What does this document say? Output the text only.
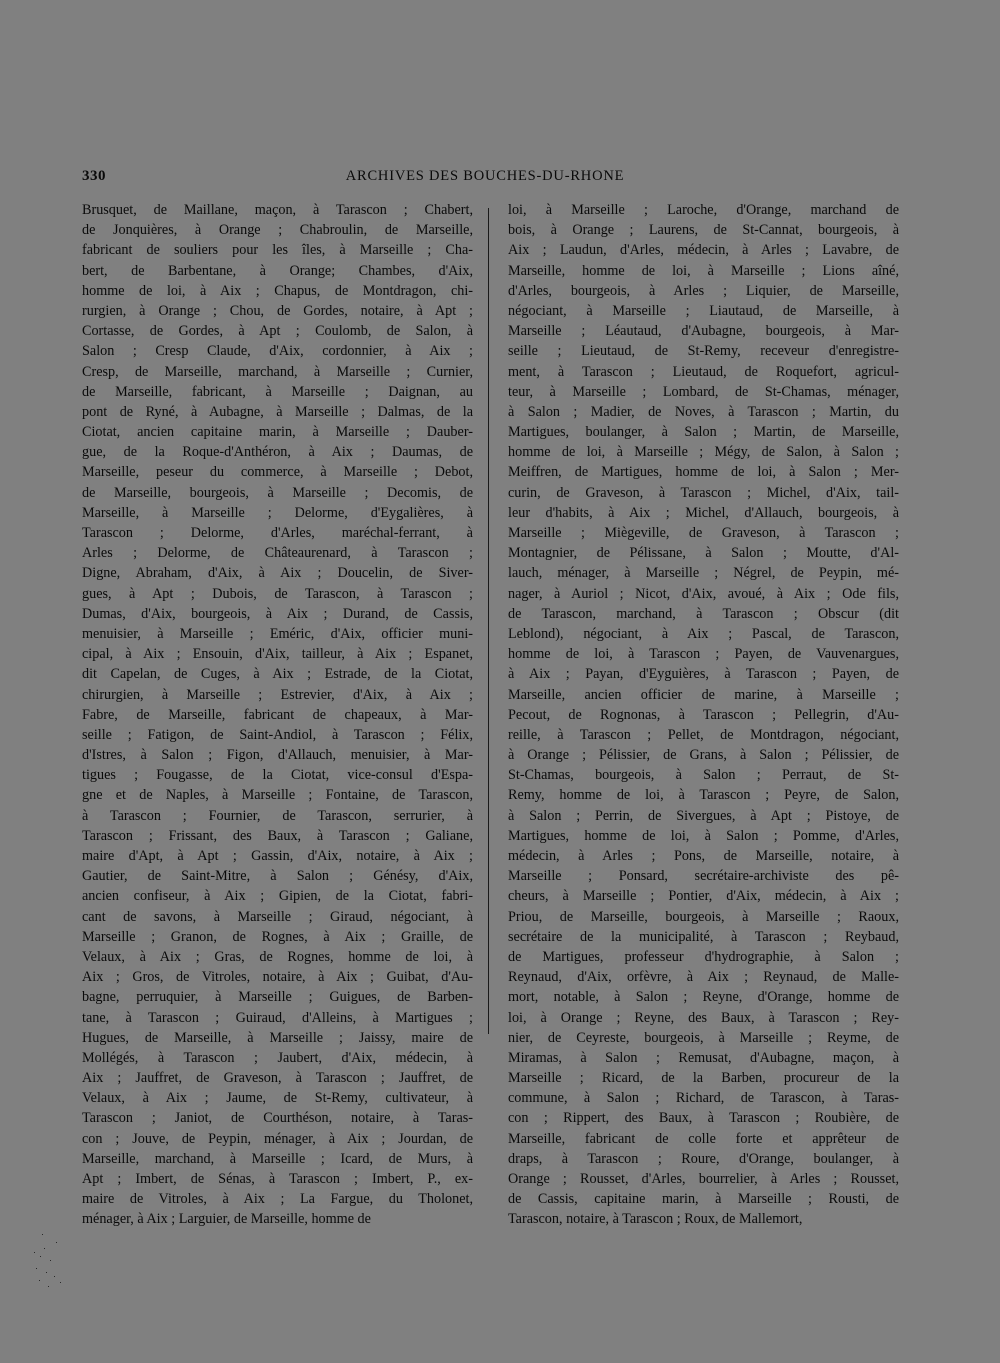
330	ARCHIVES DES BOUCHES-DU-RHONE
Brusquet, de Maillane, maçon, à Tarascon ; Chabert,
de Jonquières, à Orange ; Chabroulin, de Marseille,
fabricant de souliers pour les îles, à Marseille ; Cha-
bert, de Barbentane, à Orange; Chambes, d'Aix,
homme de loi, à Aix ; Chapus, de Montdragon, chi-
rurgien, à Orange ; Chou, de Gordes, notaire, à Apt ;
Cortasse, de Gordes, à Apt ; Coulomb, de Salon, à
Salon ; Cresp Claude, d'Aix, cordonnier, à Aix ;
Cresp, de Marseille, marchand, à Marseille ; Curnier,
de Marseille, fabricant, à Marseille ; Daignan, au
pont de Ryné, à Aubagne, à Marseille ; Dalmas, de la
Ciotat, ancien capitaine marin, à Marseille ; Dauber-
gue, de la Roque-d'Anthéron, à Aix ; Daumas, de
Marseille, peseur du commerce, à Marseille ; Debot,
de Marseille, bourgeois, à Marseille ; Decomis, de
Marseille, à Marseille ; Delorme, d'Eygalières, à
Tarascon ; Delorme, d'Arles, maréchal-ferrant, à
Arles ; Delorme, de Châteaurenard, à Tarascon ;
Digne, Abraham, d'Aix, à Aix ; Doucelin, de Siver-
gues, à Apt ; Dubois, de Tarascon, à Tarascon ;
Dumas, d'Aix, bourgeois, à Aix ; Durand, de Cassis,
menuisier, à Marseille ; Eméric, d'Aix, officier muni-
cipal, à Aix ; Ensouin, d'Aix, tailleur, à Aix ; Espanet,
dit Capelan, de Cuges, à Aix ; Estrade, de la Ciotat,
chirurgien, à Marseille ; Estrevier, d'Aix, à Aix ;
Fabre, de Marseille, fabricant de chapeaux, à Mar-
seille ; Fatigon, de Saint-Andiol, à Tarascon ; Félix,
d'Istres, à Salon ; Figon, d'Allauch, menuisier, à Mar-
tigues ; Fougasse, de la Ciotat, vice-consul d'Espa-
gne et de Naples, à Marseille ; Fontaine, de Tarascon,
à Tarascon ; Fournier, de Tarascon, serrurier, à
Tarascon ; Frissant, des Baux, à Tarascon ; Galiane,
maire d'Apt, à Apt ; Gassin, d'Aix, notaire, à Aix ;
Gautier, de Saint-Mitre, à Salon ; Génésy, d'Aix,
ancien confiseur, à Aix ; Gipien, de la Ciotat, fabri-
cant de savons, à Marseille ; Giraud, négociant, à
Marseille ; Granon, de Rognes, à Aix ; Graille, de
Velaux, à Aix ; Gras, de Rognes, homme de loi, à
Aix ; Gros, de Vitroles, notaire, à Aix ; Guibat, d'Au-
bagne, perruquier, à Marseille ; Guigues, de Barben-
tane, à Tarascon ; Guiraud, d'Alleins, à Martigues ;
Hugues, de Marseille, à Marseille ; Jaissy, maire de
Mollégés, à Tarascon ; Jaubert, d'Aix, médecin, à
Aix ; Jauffret, de Graveson, à Tarascon ; Jauffret, de
Velaux, à Aix ; Jaume, de St-Remy, cultivateur, à
Tarascon ; Janiot, de Courthéson, notaire, à Taras-
con ; Jouve, de Peypin, ménager, à Aix ; Jourdan, de
Marseille, marchand, à Marseille ; Icard, de Murs, à
Apt ; Imbert, de Sénas, à Tarascon ; Imbert, P., ex-
maire de Vitroles, à Aix ; La Fargue, du Tholonet,
ménager, à Aix ; Larguier, de Marseille, homme de
loi, à Marseille ; Laroche, d'Orange, marchand de
bois, à Orange ; Laurens, de St-Cannat, bourgeois, à
Aix ; Laudun, d'Arles, médecin, à Arles ; Lavabre, de
Marseille, homme de loi, à Marseille ; Lions aîné,
d'Arles, bourgeois, à Arles ; Liquier, de Marseille,
négociant, à Marseille ; Liautaud, de Marseille, à
Marseille ; Léautaud, d'Aubagne, bourgeois, à Mar-
seille ; Lieutaud, de St-Remy, receveur d'enregistre-
ment, à Tarascon ; Lieutaud, de Roquefort, agricul-
teur, à Marseille ; Lombard, de St-Chamas, ménager,
à Salon ; Madier, de Noves, à Tarascon ; Martin, du
Martigues, boulanger, à Salon ; Martin, de Marseille,
homme de loi, à Marseille ; Mégy, de Salon, à Salon ;
Meiffren, de Martigues, homme de loi, à Salon ; Mer-
curin, de Graveson, à Tarascon ; Michel, d'Aix, tail-
leur d'habits, à Aix ; Michel, d'Allauch, bourgeois, à
Marseille ; Miègeville, de Graveson, à Tarascon ;
Montagnier, de Pélissane, à Salon ; Moutte, d'Al-
lauch, ménager, à Marseille ; Négrel, de Peypin, mé-
nager, à Auriol ; Nicot, d'Aix, avoué, à Aix ; Ode fils,
de Tarascon, marchand, à Tarascon ; Obscur (dit
Leblond), négociant, à Aix ; Pascal, de Tarascon,
homme de loi, à Tarascon ; Payen, de Vauvenargues,
à Aix ; Payan, d'Eyguières, à Tarascon ; Payen, de
Marseille, ancien officier de marine, à Marseille ;
Pecout, de Rognonas, à Tarascon ; Pellegrin, d'Au-
reille, à Tarascon ; Pellet, de Montdragon, négociant,
à Orange ; Pélissier, de Grans, à Salon ; Pélissier, de
St-Chamas, bourgeois, à Salon ; Perraut, de St-
Remy, homme de loi, à Tarascon ; Peyre, de Salon,
à Salon ; Perrin, de Sivergues, à Apt ; Pistoye, de
Martigues, homme de loi, à Salon ; Pomme, d'Arles,
médecin, à Arles ; Pons, de Marseille, notaire, à
Marseille ; Ponsard, secrétaire-archiviste des pê-
cheurs, à Marseille ; Pontier, d'Aix, médecin, à Aix ;
Priou, de Marseille, bourgeois, à Marseille ; Raoux,
secrétaire de la municipalité, à Tarascon ; Reybaud,
de Martigues, professeur d'hydrographie, à Salon ;
Reynaud, d'Aix, orfèvre, à Aix ; Reynaud, de Malle-
mort, notable, à Salon ; Reyne, d'Orange, homme de
loi, à Orange ; Reyne, des Baux, à Tarascon ; Rey-
nier, de Ceyreste, bourgeois, à Marseille ; Reyme, de
Miramas, à Salon ; Remusat, d'Aubagne, maçon, à
Marseille ; Ricard, de la Barben, procureur de la
commune, à Salon ; Richard, de Tarascon, à Taras-
con ; Rippert, des Baux, à Tarascon ; Roubière, de
Marseille, fabricant de colle forte et apprêteur de
draps, à Tarascon ; Roure, d'Orange, boulanger, à
Orange ; Rousset, d'Arles, bourrelier, à Arles ; Rousset,
de Cassis, capitaine marin, à Marseille ; Rousti, de
Tarascon, notaire, à Tarascon ; Roux, de Mallemort,
